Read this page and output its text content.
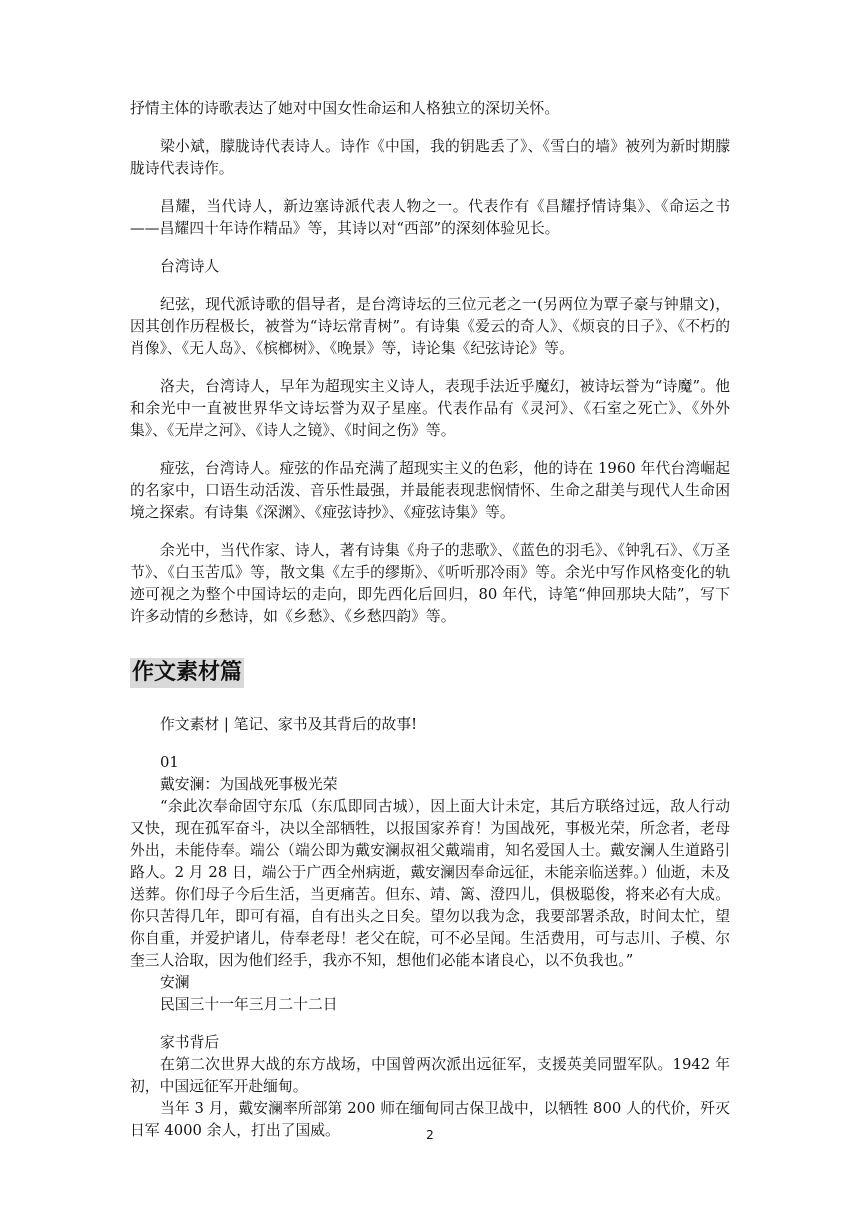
抒情主体的诗歌表达了她对中国女性命运和人格独立的深切关怀。

梁小斌，朦胧诗代表诗人。诗作《中国，我的钥匙丢了》、《雪白的墙》被列为新时期朦胧诗代表诗作。

昌耀，当代诗人，新边塞诗派代表人物之一。代表作有《昌耀抒情诗集》、《命运之书——昌耀四十年诗作精品》等，其诗以对“西部”的深刻体验见长。

台湾诗人

纪弦，现代派诗歌的倡导者，是台湾诗坛的三位元老之一(另两位为覃子豪与钟鼎文)，因其创作历程极长，被誉为“诗坛常青树”。有诗集《爱云的奇人》、《烦哀的日子》、《不朽的肖像》、《无人岛》、《槟榔树》、《晚景》等，诗论集《纪弦诗论》等。

洛夫，台湾诗人，早年为超现实主义诗人，表现手法近乎魔幻，被诗坛誉为“诗魔”。他和余光中一直被世界华文诗坛誉为双子星座。代表作品有《灵河》、《石室之死亡》、《外外集》、《无岸之河》、《诗人之镜》、《时间之伤》等。

痖弦，台湾诗人。痖弦的作品充满了超现实主义的色彩，他的诗在 1960 年代台湾崛起的名家中，口语生动活泼、音乐性最强，并最能表现悲悯情怀、生命之甜美与现代人生命困境之探索。有诗集《深渊》、《痖弦诗抄》、《痖弦诗集》等。

余光中，当代作家、诗人，著有诗集《舟子的悲歌》、《蓝色的羽毛》、《钟乳石》、《万圣节》、《白玉苦瓜》等，散文集《左手的缪斯》、《听听那冷雨》等。余光中写作风格变化的轨迹可视之为整个中国诗坛的走向，即先西化后回归，80 年代，诗笔“伸回那块大陆”，写下许多动情的乡愁诗，如《乡愁》、《乡愁四韵》等。

作文素材篇

作文素材 | 笔记、家书及其背后的故事!

01

戴安澜：为国战死事极光荣

“余此次奉命固守东瓜（东瓜即同古城），因上面大计未定，其后方联络过远，敌人行动又快，现在孤军奋斗，决以全部牺牲，以报国家养育！为国战死，事极光荣，所念者，老母外出，未能侍奉。端公（端公即为戴安澜叔祖父戴端甫，知名爱国人士。戴安澜人生道路引路人。2 月 28 日，端公于广西全州病逝，戴安澜因奉命远征，未能亲临送葬。）仙逝，未及送葬。你们母子今后生活，当更痛苦。但东、靖、篱、澄四儿，俱极聪俊，将来必有大成。你只苦得几年，即可有福，自有出头之日矣。望勿以我为念，我要部署杀敌，时间太忙，望你自重，并爱护诸儿，侍奉老母！老父在皖，可不必呈闻。生活费用，可与志川、子模、尔奎三人洽取，因为他们经手，我亦不知，想他们必能本诸良心，以不负我也。”

安澜

民国三十一年三月二十二日

家书背后

在第二次世界大战的东方战场，中国曾两次派出远征军，支援英美同盟军队。1942 年初，中国远征军开赴缅甸。

当年 3 月，戴安澜率所部第 200 师在缅甸同古保卫战中，以牺牲 800 人的代价，歼灭日军 4000 余人，打出了国威。	2
